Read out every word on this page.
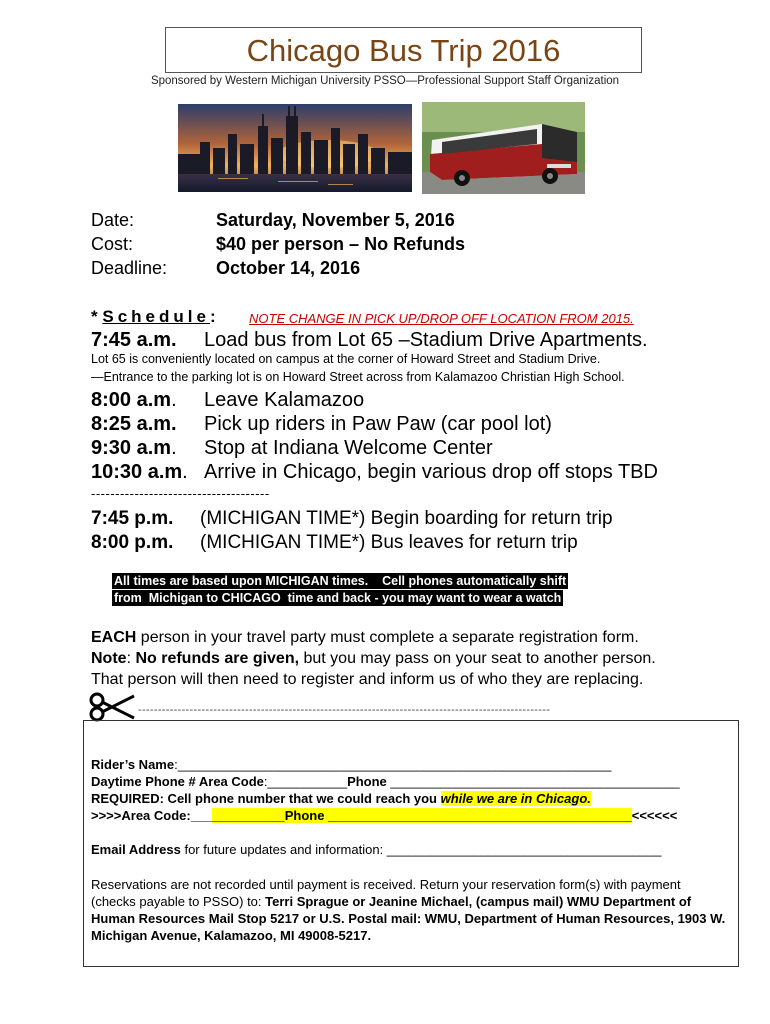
Chicago Bus Trip 2016
Sponsored by Western Michigan University PSSO—Professional Support Staff Organization
Date:	Saturday, November 5, 2016
Cost:	$40 per person – No Refunds
Deadline:	October 14, 2016
* Schedule:	NOTE CHANGE IN PICK UP/DROP OFF LOCATION FROM 2015.
7:45 a.m. Load bus from Lot 65 –Stadium Drive Apartments.
Lot 65 is conveniently located on campus at the corner of Howard Street and Stadium Drive.
—Entrance to the parking lot is on Howard Street across from Kalamazoo Christian High School.
8:00 a.m. Leave Kalamazoo
8:25 a.m. Pick up riders in Paw Paw (car pool lot)
9:30 a.m. Stop at Indiana Welcome Center
10:30 a.m. Arrive in Chicago, begin various drop off stops TBD
-------------------------------------
7:45 p.m. (MICHIGAN TIME*) Begin boarding for return trip
8:00 p.m. (MICHIGAN TIME*) Bus leaves for return trip
All times are based upon MICHIGAN times.    Cell phones automatically shift
from  Michigan to CHICAGO  time and back - you may want to wear a watch
EACH person in your travel party must complete a separate registration form.
Note: No refunds are given, but you may pass on your seat to another person.
That person will then need to register and inform us of who they are replacing.
--------------------------------------------------------------------------------------------------------
Rider’s Name:____________________________________________________________
Daytime Phone # Area Code:___________Phone ________________________________________
REQUIRED: Cell phone number that we could reach you while we are in Chicago.
>>>>Area Code:_____________Phone __________________________________________<<<<<<
Email Address for future updates and information: ______________________________________
Reservations are not recorded until payment is received. Return your reservation form(s) with payment (checks payable to PSSO) to: Terri Sprague or Jeanine Michael, (campus mail) WMU Department of Human Resources Mail Stop 5217 or U.S. Postal mail: WMU, Department of Human Resources, 1903 W. Michigan Avenue, Kalamazoo, MI 49008-5217.
